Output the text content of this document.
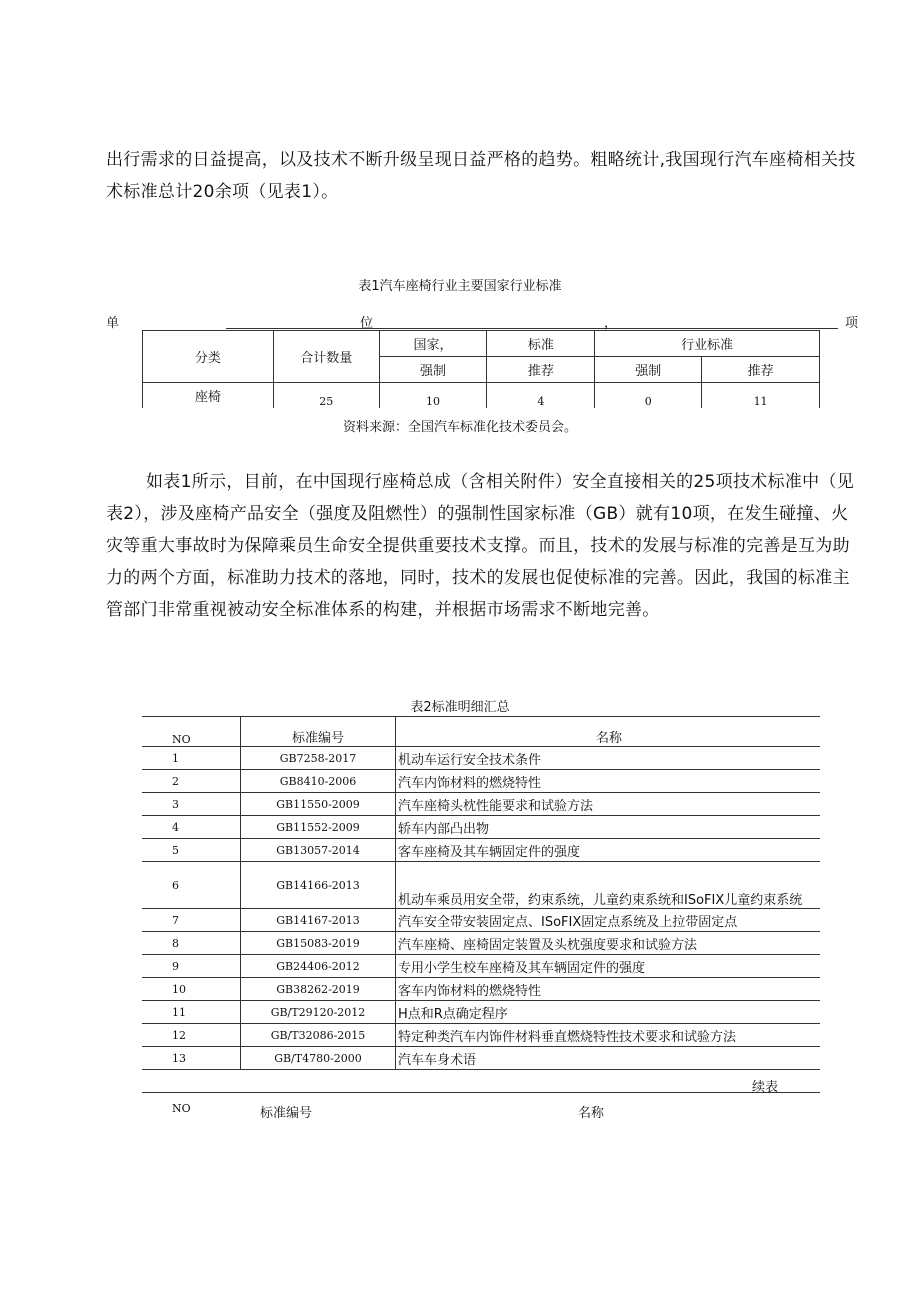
出行需求的日益提高，以及技术不断升级呈现日益严格的趋势。粗略统计,我国现行汽车座椅相关技术标准总计20余项（见表1）。

表1汽车座椅行业主要国家行业标准
单	位	，	项
分类	合计数量	国家，	标准	行业标准	
		强制	推荐	强制	推荐
座椅	25	10	4	0	11
资料来源：全国汽车标准化技术委员会。

如表1所示，目前，在中国现行座椅总成（含相关附件）安全直接相关的25项技术标准中（见表2），涉及座椅产品安全（强度及阻燃性）的强制性国家标准（GB）就有10项，在发生碰撞、火灾等重大事故时为保障乘员生命安全提供重要技术支撑。而且，技术的发展与标准的完善是互为助力的两个方面，标准助力技术的落地，同时，技术的发展也促使标准的完善。因此，我国的标准主管部门非常重视被动安全标准体系的构建，并根据市场需求不断地完善。

表2标准明细汇总
NO	标准编号	名称
1	GB7258-2017	机动车运行安全技术条件
2	GB8410-2006	汽车内饰材料的燃烧特性
3	GB11550-2009	汽车座椅头枕性能要求和试验方法
4	GB11552-2009	轿车内部凸出物
5	GB13057-2014	客车座椅及其车辆固定件的强度
6	GB14166-2013	机动车乘员用安全带，约束系统，儿童约束系统和ISoFIX儿童约束系统
7	GB14167-2013	汽车安全带安装固定点、ISoFIX固定点系统及上拉带固定点
8	GB15083-2019	汽车座椅、座椅固定装置及头枕强度要求和试验方法
9	GB24406-2012	专用小学生校车座椅及其车辆固定件的强度
10	GB38262-2019	客车内饰材料的燃烧特性
11	GB/T29120-2012	H点和R点确定程序
12	GB/T32086-2015	特定种类汽车内饰件材料垂直燃烧特性技术要求和试验方法
13	GB/T4780-2000	汽车车身术语
续表
NO	标准编号	名称
